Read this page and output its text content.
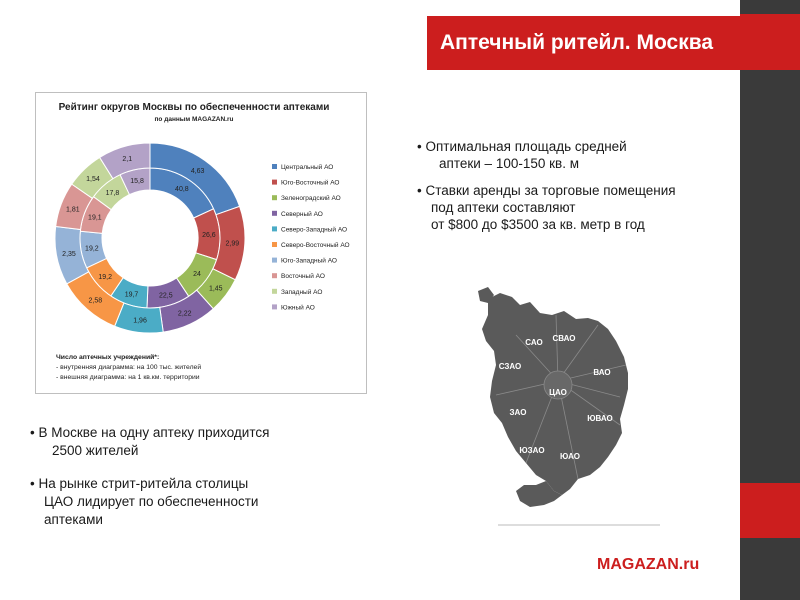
Аптечный ритейл. Москва
Рейтинг округов Москвы по обеспеченности аптеками
по данным MAGAZAN.ru
40,8
26,6
24
22,5
19,7
19,2
19,2
19,1
17,8
15,8
4,63
2,99
1,45
2,22
1,96
2,58
2,35
1,81
1,54
2,1
Центральный АО
Юго-Восточный АО
Зеленоградский АО
Северный АО
Северо-Западный АО
Северо-Восточный АО
Юго-Западный АО
Восточный АО
Западный АО
Южный АО
Число аптечных учреждений*:
- внутренняя диаграмма: на 100 тыс. жителей
- внешняя диаграмма: на 1 кв.км. территории
• Оптимальная площадь средней
аптеки – 100-150 кв. м
• Ставки аренды за торговые помещения
под аптеки составляют
от $800 до $3500 за кв. метр в год
• В Москве на одну аптеку приходится
2500 жителей
• На рынке стрит-ритейла столицы
ЦАО лидирует по обеспеченности
аптеками
САО СВАО
СЗАО
ВАО
ЦАО
ЗАО
ЮВАО
ЮЗАО
ЮАО
MAGAZAN.ru
